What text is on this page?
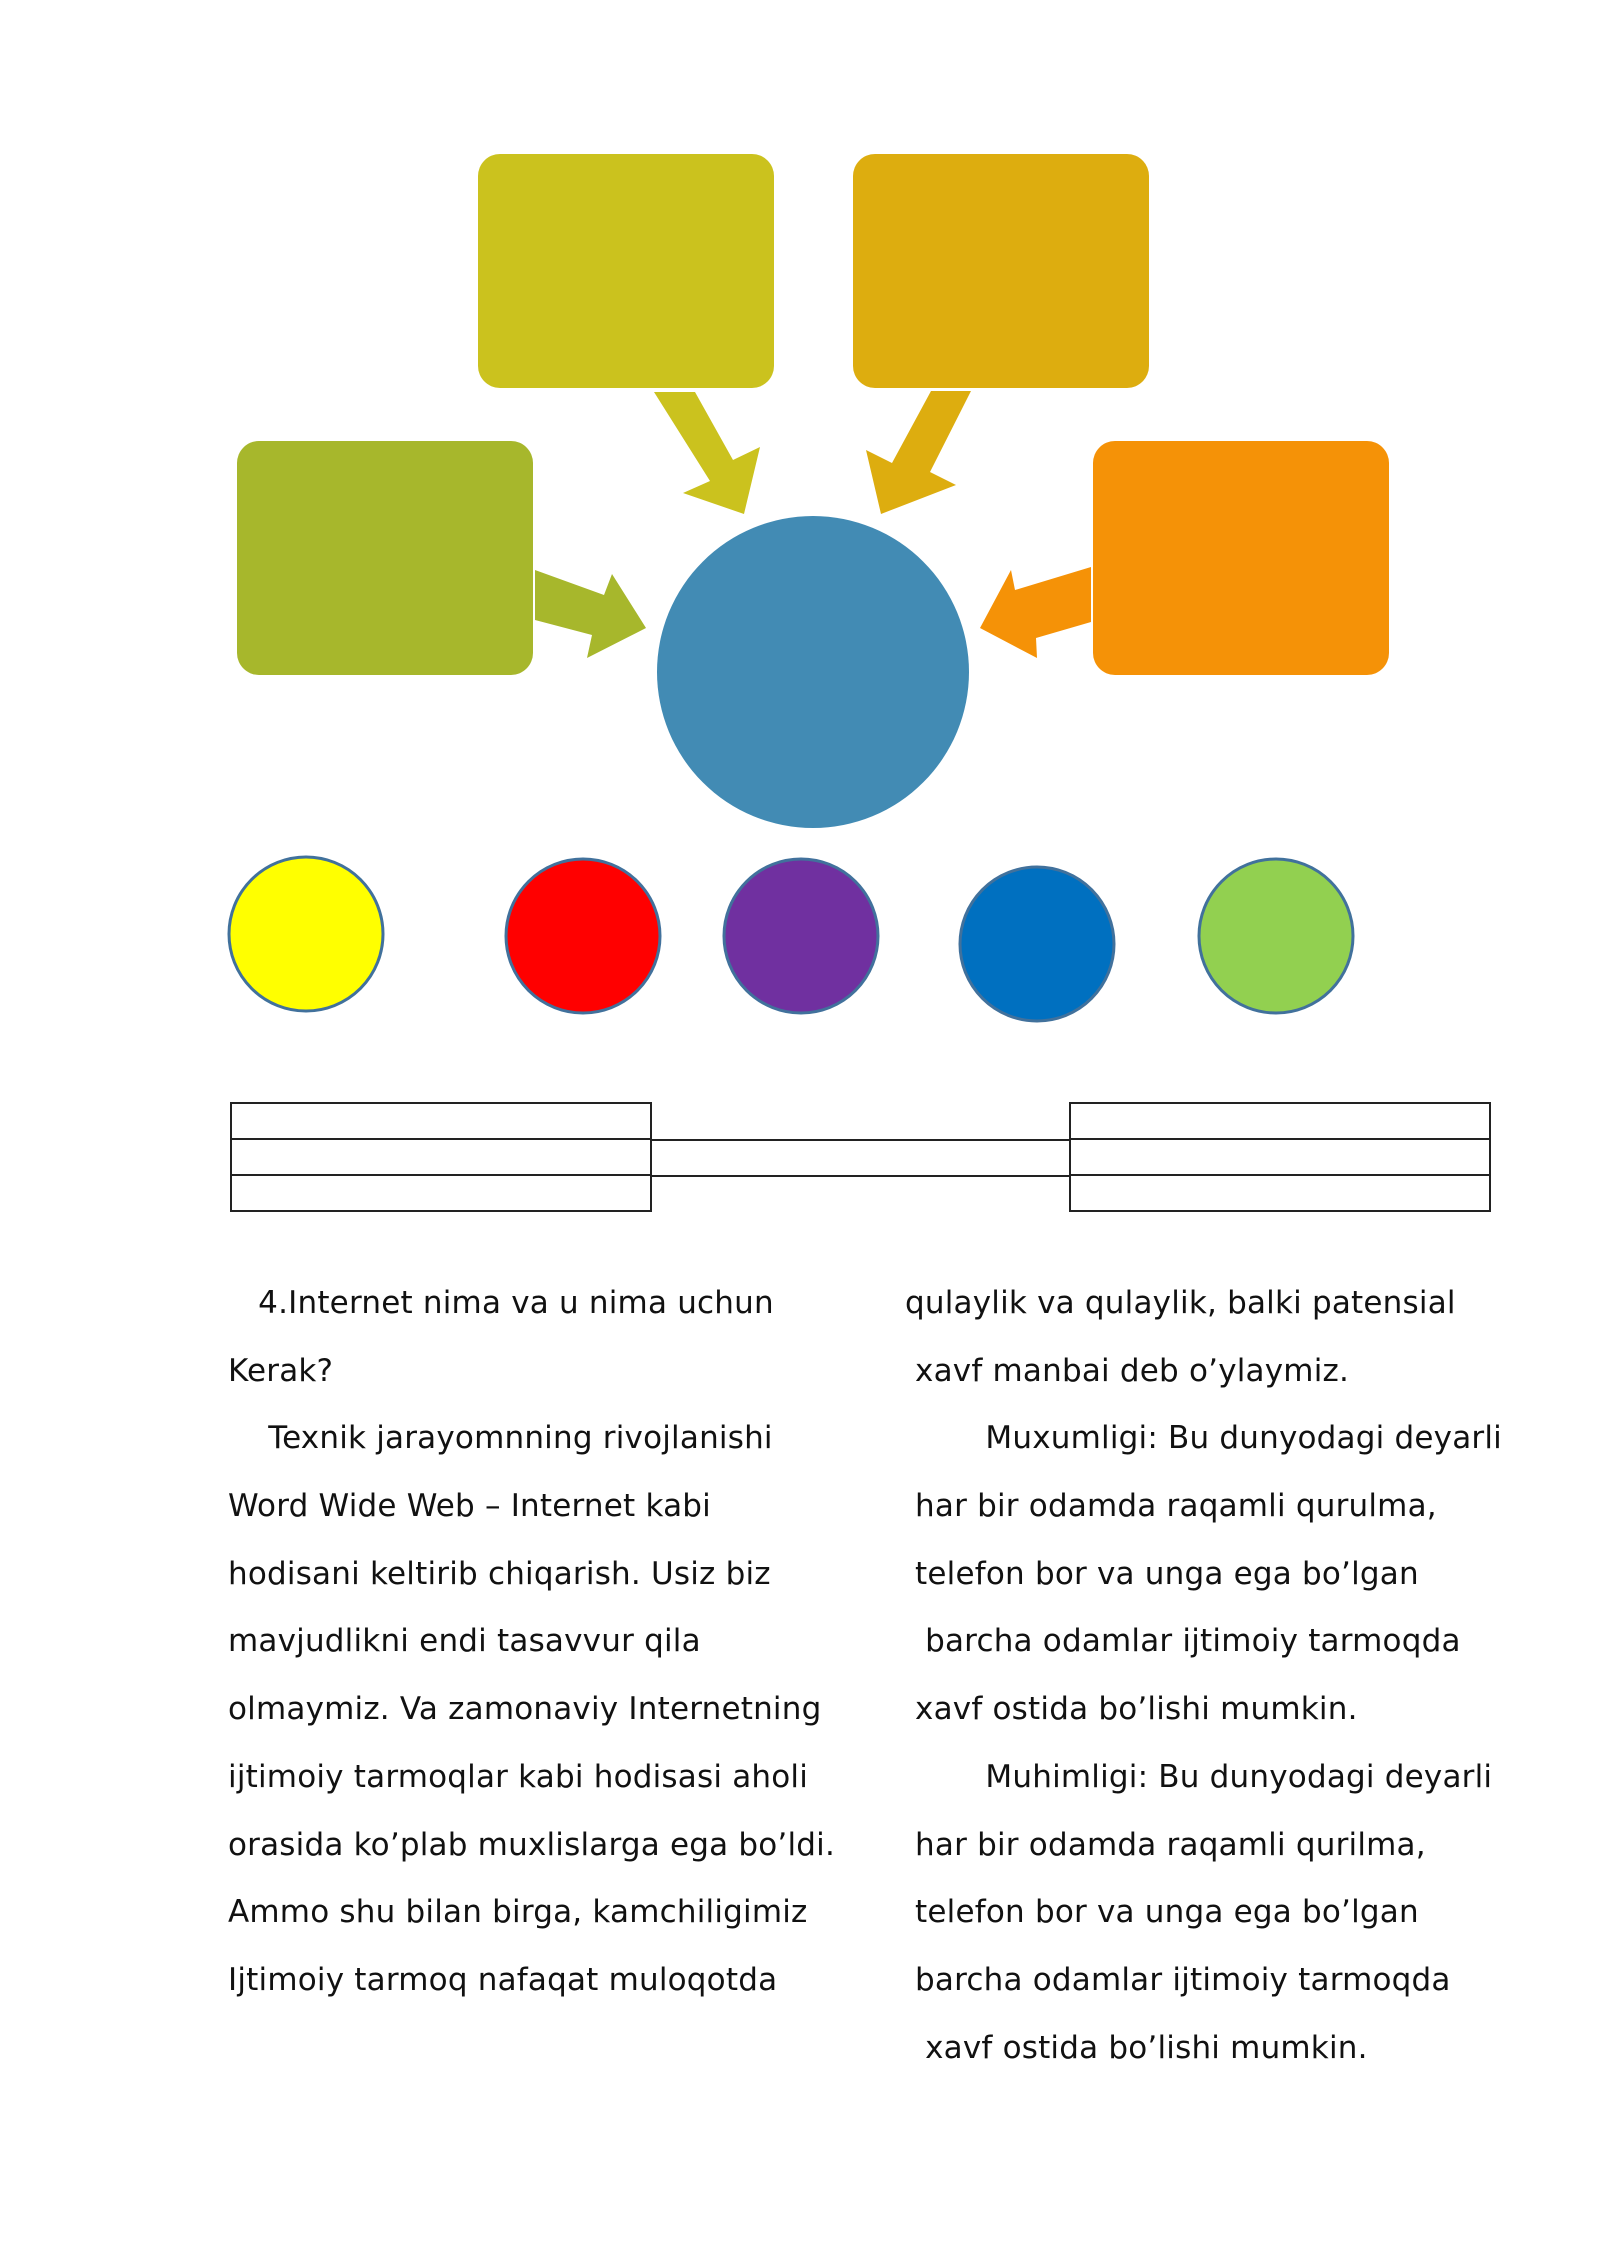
4.Internet nima va u nima uchun
Kerak?
Texnik jarayomnning rivojlanishi
Word Wide Web – Internet kabi
hodisani keltirib chiqarish. Usiz biz
mavjudlikni endi tasavvur qila
olmaymiz. Va zamonaviy Internetning
ijtimoiy tarmoqlar kabi hodisasi aholi
orasida ko’plab muxlislarga ega bo’ldi.
Ammo shu bilan birga, kamchiligimiz
Ijtimoiy tarmoq nafaqat muloqotda
qulaylik va qulaylik, balki patensial
xavf manbai deb o’ylaymiz.
Muxumligi: Bu dunyodagi deyarli
har bir odamda raqamli qurulma,
telefon bor va unga ega bo’lgan
barcha odamlar ijtimoiy tarmoqda
xavf ostida bo’lishi mumkin.
Muhimligi: Bu dunyodagi deyarli
har bir odamda raqamli qurilma,
telefon bor va unga ega bo’lgan
barcha odamlar ijtimoiy tarmoqda
xavf ostida bo’lishi mumkin.
